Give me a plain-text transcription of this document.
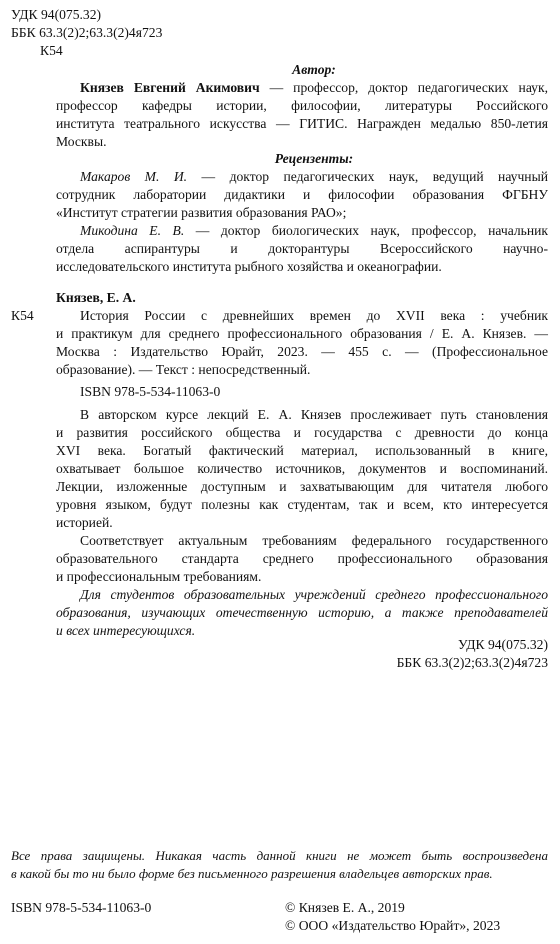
УДК 94(075.32)
ББК 63.3(2)2;63.3(2)4я723
К54
Автор:
Князев Евгений Акимович — профессор, доктор педагогических наук,
профессор кафедры истории, философии, литературы Российского
института театрального искусства — ГИТИС. Награжден медалью 850-летия
Москвы.
Рецензенты:
Макаров М. И. — доктор педагогических наук, ведущий научный
сотрудник лаборатории дидактики и философии образования ФГБНУ
«Институт стратегии развития образования РАО»;
Микодина Е. В. — доктор биологических наук, профессор, начальник
отдела аспирантуры и докторантуры Всероссийского научно-
исследовательского института рыбного хозяйства и океанографии.
Князев, Е. А.
К54	История России с древнейших времен до XVII века : учебник
и практикум для среднего профессионального образования / Е. А. Князев. —
Москва : Издательство Юрайт, 2023. — 455 с. — (Профессиональное
образование). — Текст : непосредственный.
ISBN 978-5-534-11063-0
В авторском курсе лекций Е. А. Князев прослеживает путь становления
и развития российского общества и государства с древности до конца
XVI века. Богатый фактический материал, использованный в книге,
охватывает большое количество источников, документов и воспоминаний.
Лекции, изложенные доступным и захватывающим для читателя любого
уровня языком, будут полезны как студентам, так и всем, кто интересуется
историей.
Соответствует актуальным требованиям федерального государственного
образовательного стандарта среднего профессионального образования
и профессиональным требованиям.
Для студентов образовательных учреждений среднего профессионального
образования, изучающих отечественную историю, а также преподавателей
и всех интересующихся.
УДК 94(075.32)
ББК 63.3(2)2;63.3(2)4я723
Все права защищены. Никакая часть данной книги не может быть воспроизведена
в какой бы то ни было форме без письменного разрешения владельцев авторских прав.
ISBN 978-5-534-11063-0	© Князев Е. А., 2019
© ООО «Издательство Юрайт», 2023
